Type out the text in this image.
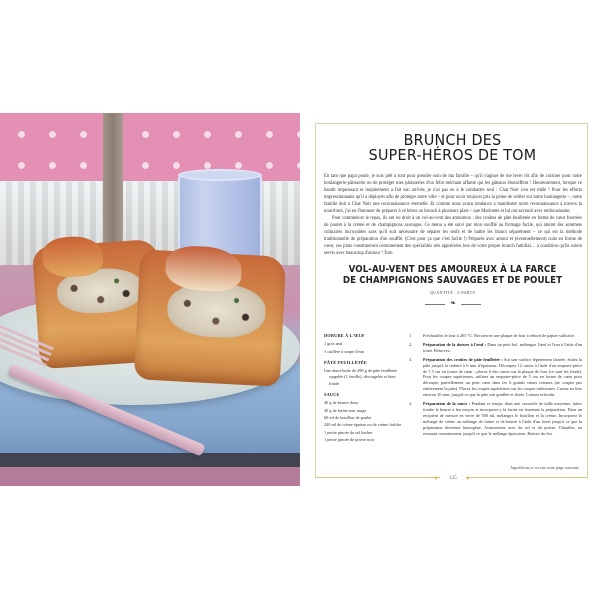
BRUNCH DES
SUPER-HÉROS DE TOM

En tant que papa poule, je suis prêt à tout pour prendre soin de ma famille – qu'il s'agisse de me lever tôt afin de cuisiner pour notre boulangerie-pâtisserie ou de protéger mes pâtisseries d'un félin méchant affamé qui les gâteaux ébouriffent ! Heureusement, lorsque ce bandit impuissant et inopinément a fait son arrivée, je n'ai pas eu à le combattre seul : Chat Noir s'en est mêlé ! Pour les efforts impressionnants qu'il a déployés afin de protéger notre ville – et pour avoir toujours pris la peine de veiller sur notre boulangerie –, notre famille doit à Chat Noir une reconnaissance éternelle. Et comme nous avons tendance à manifester notre reconnaissance à travers la nourriture, j'ai eu l'honneur de préparer à ce héros un brunch à plusieurs plats – que Marinette et lui ont savouré avec enthousiasme.

Pour commencer le repas, ils ont eu droit à un vol-au-vent des amoureux : des croûtes de pâte feuilletée en forme de cœur fourrées de poulet à la crème et de champignons sauvages. Ce menu a été suivi par mon soufflé au fromage facile, qui atteint des sommets culinaires incroyables sans qu'il soit nécessaire de séparer les œufs et de battre les blancs séparément – ce qui est la méthode traditionnelle de préparation d'un soufflé. (C'est pour ça que c'est facile !) Préparés avec amour et (éventuellement) cuits en forme de cœur, ces plats constitueront certainement des spécialités très appréciées lors de votre propre brunch familial… à condition qu'ils soient servis avec beaucoup d'amour ! Tom

VOL-AU-VENT DES AMOUREUX À LA FARCE
DE CHAMPIGNONS SAUVAGES ET DE POULET
QUANTITÉ : 6 PARTS
❧
DORURE À L'ŒUF
1 gros œuf
1 cuillère à soupe d'eau
PÂTE FEUILLETÉE
Une demi-boîte de 490 g de pâte feuilletée surgelée (1 feuille), décongelée et bien froide
SAUCE
40 g de beurre doux
30 g de farine tout usage
60 ml de bouillon de poulet
240 ml de crème épaisse ou de crème fraîche
1 petite pincée de sel kasher
1 petite pincée de poivre noir
1.	Préchauffez le four à 205 °C. Recouvrez une plaque de four à rebord de papier sulfurisé.
2.	Préparation de la dorure à l'œuf : Dans un petit bol, mélangez l'œuf et l'eau à l'aide d'un fouet. Réservez.
3.	Préparation des croûtes de pâte feuilletée : Sur une surface légèrement farinée, étalez la pâte jusqu'à la réduire à 6 mm d'épaisseur. Découpez 12 cœurs à l'aide d'un emporte-pièce de 7,5 cm en forme de cœur ; placez 6 des cœurs sur la plaque de four (ce sont les fonds). Pour les coupes supérieures, utilisez un emporte-pièce de 5 cm en forme de cœur pour découper partiellement un petit cœur dans les 6 grands cœurs restants (ne coupez pas entièrement la pâte). Placez les coupes supérieures sur les coupes inférieures. Cuisez au four environ 20 min, jusqu'à ce que la pâte soit gonflée et dorée. Laissez refroidir.
4.	Préparation de la sauce : Pendant ce temps, dans une casserole de taille moyenne, faites fondre le beurre à feu moyen et incorporez-y la farine en fouettant la préparation. Dans un récipient de mesure en verre de 500 ml, mélangez le bouillon et la crème. Incorporez le mélange de crème au mélange de farine et de beurre à l'aide d'un fouet jusqu'à ce que la préparation devienne homogène. Assaisonnez avec du sel et du poivre. Chauffez, en remuant constamment, jusqu'à ce que le mélange épaississe. Retirez du feu.
Ingrédients et recette suite page suivante
♥	125	♥
